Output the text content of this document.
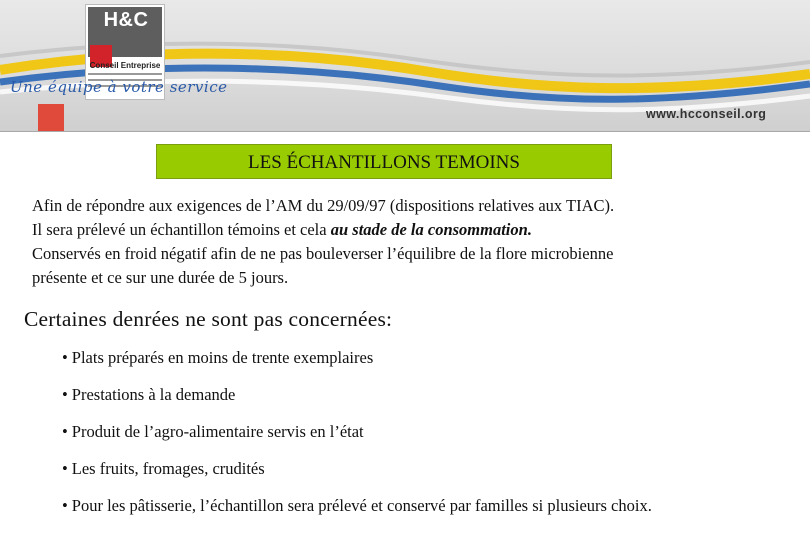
H&C
Conseil Entreprise
Une équipe à votre service
www.hcconseil.org
LES ÉCHANTILLONS TEMOINS

Afin de répondre aux exigences de l’AM du 29/09/97 (dispositions relatives aux TIAC).

Il sera prélevé un échantillon témoins et cela au stade de la consommation.

Conservés en froid négatif afin de ne pas bouleverser l’équilibre de la flore microbienne

présente et ce sur une durée de 5 jours.

Certaines denrées ne sont pas concernées:
• Plats préparés en moins de trente exemplaires
• Prestations à la demande
• Produit de l’agro-alimentaire servis en l’état
• Les fruits, fromages, crudités
• Pour les pâtisserie, l’échantillon sera prélevé et conservé par familles si plusieurs choix.
